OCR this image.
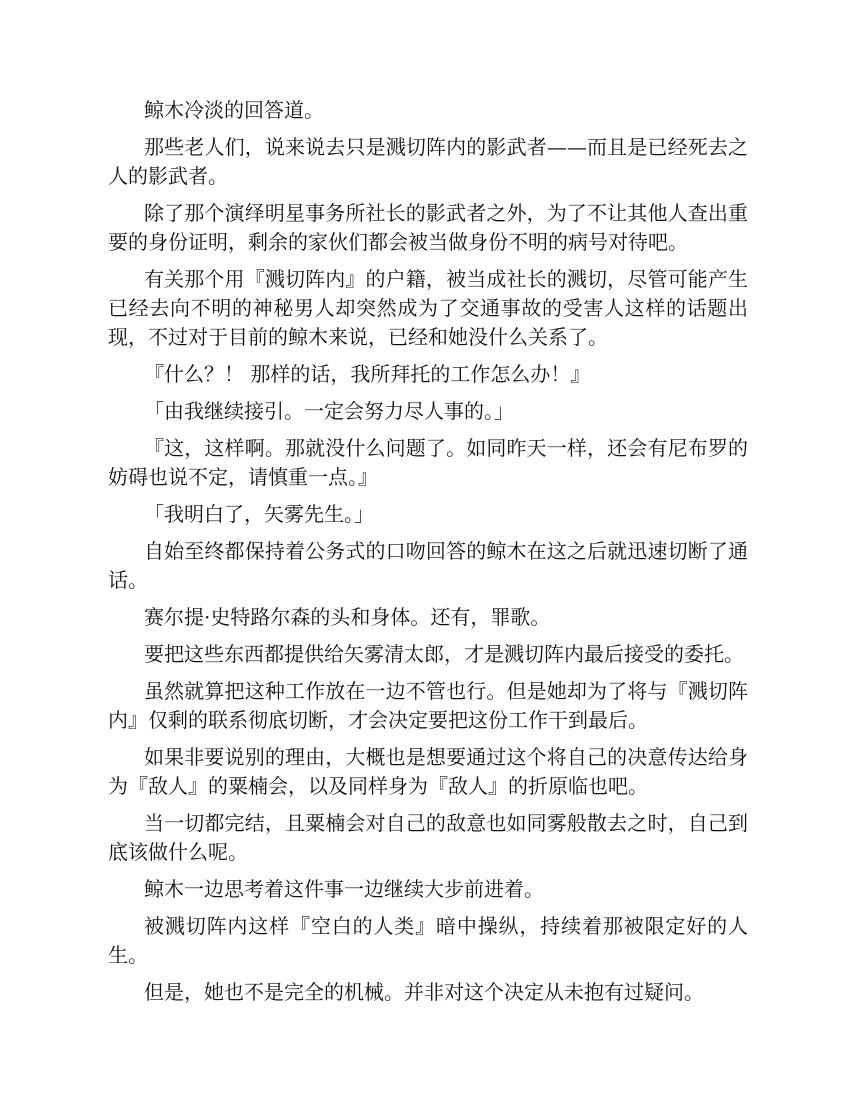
鲸木冷淡的回答道。

那些老人们，说来说去只是溅切阵内的影武者——而且是已经死去之人的影武者。

除了那个演绎明星事务所社长的影武者之外，为了不让其他人查出重要的身份证明，剩余的家伙们都会被当做身份不明的病号对待吧。

有关那个用『溅切阵内』的户籍，被当成社长的溅切，尽管可能产生已经去向不明的神秘男人却突然成为了交通事故的受害人这样的话题出现，不过对于目前的鲸木来说，已经和她没什么关系了。

『什么？！ 那样的话，我所拜托的工作怎么办！』

「由我继续接引。一定会努力尽人事的。」

『这，这样啊。那就没什么问题了。如同昨天一样，还会有尼布罗的妨碍也说不定，请慎重一点。』

「我明白了，矢雾先生。」

自始至终都保持着公务式的口吻回答的鲸木在这之后就迅速切断了通话。

赛尔提·史特路尔森的头和身体。还有，罪歌。

要把这些东西都提供给矢雾清太郎，才是溅切阵内最后接受的委托。

虽然就算把这种工作放在一边不管也行。但是她却为了将与『溅切阵内』仅剩的联系彻底切断，才会决定要把这份工作干到最后。

如果非要说别的理由，大概也是想要通过这个将自己的决意传达给身为『敌人』的粟楠会，以及同样身为『敌人』的折原临也吧。

当一切都完结，且粟楠会对自己的敌意也如同雾般散去之时，自己到底该做什么呢。

鲸木一边思考着这件事一边继续大步前进着。

被溅切阵内这样『空白的人类』暗中操纵，持续着那被限定好的人生。

但是，她也不是完全的机械。并非对这个决定从未抱有过疑问。
